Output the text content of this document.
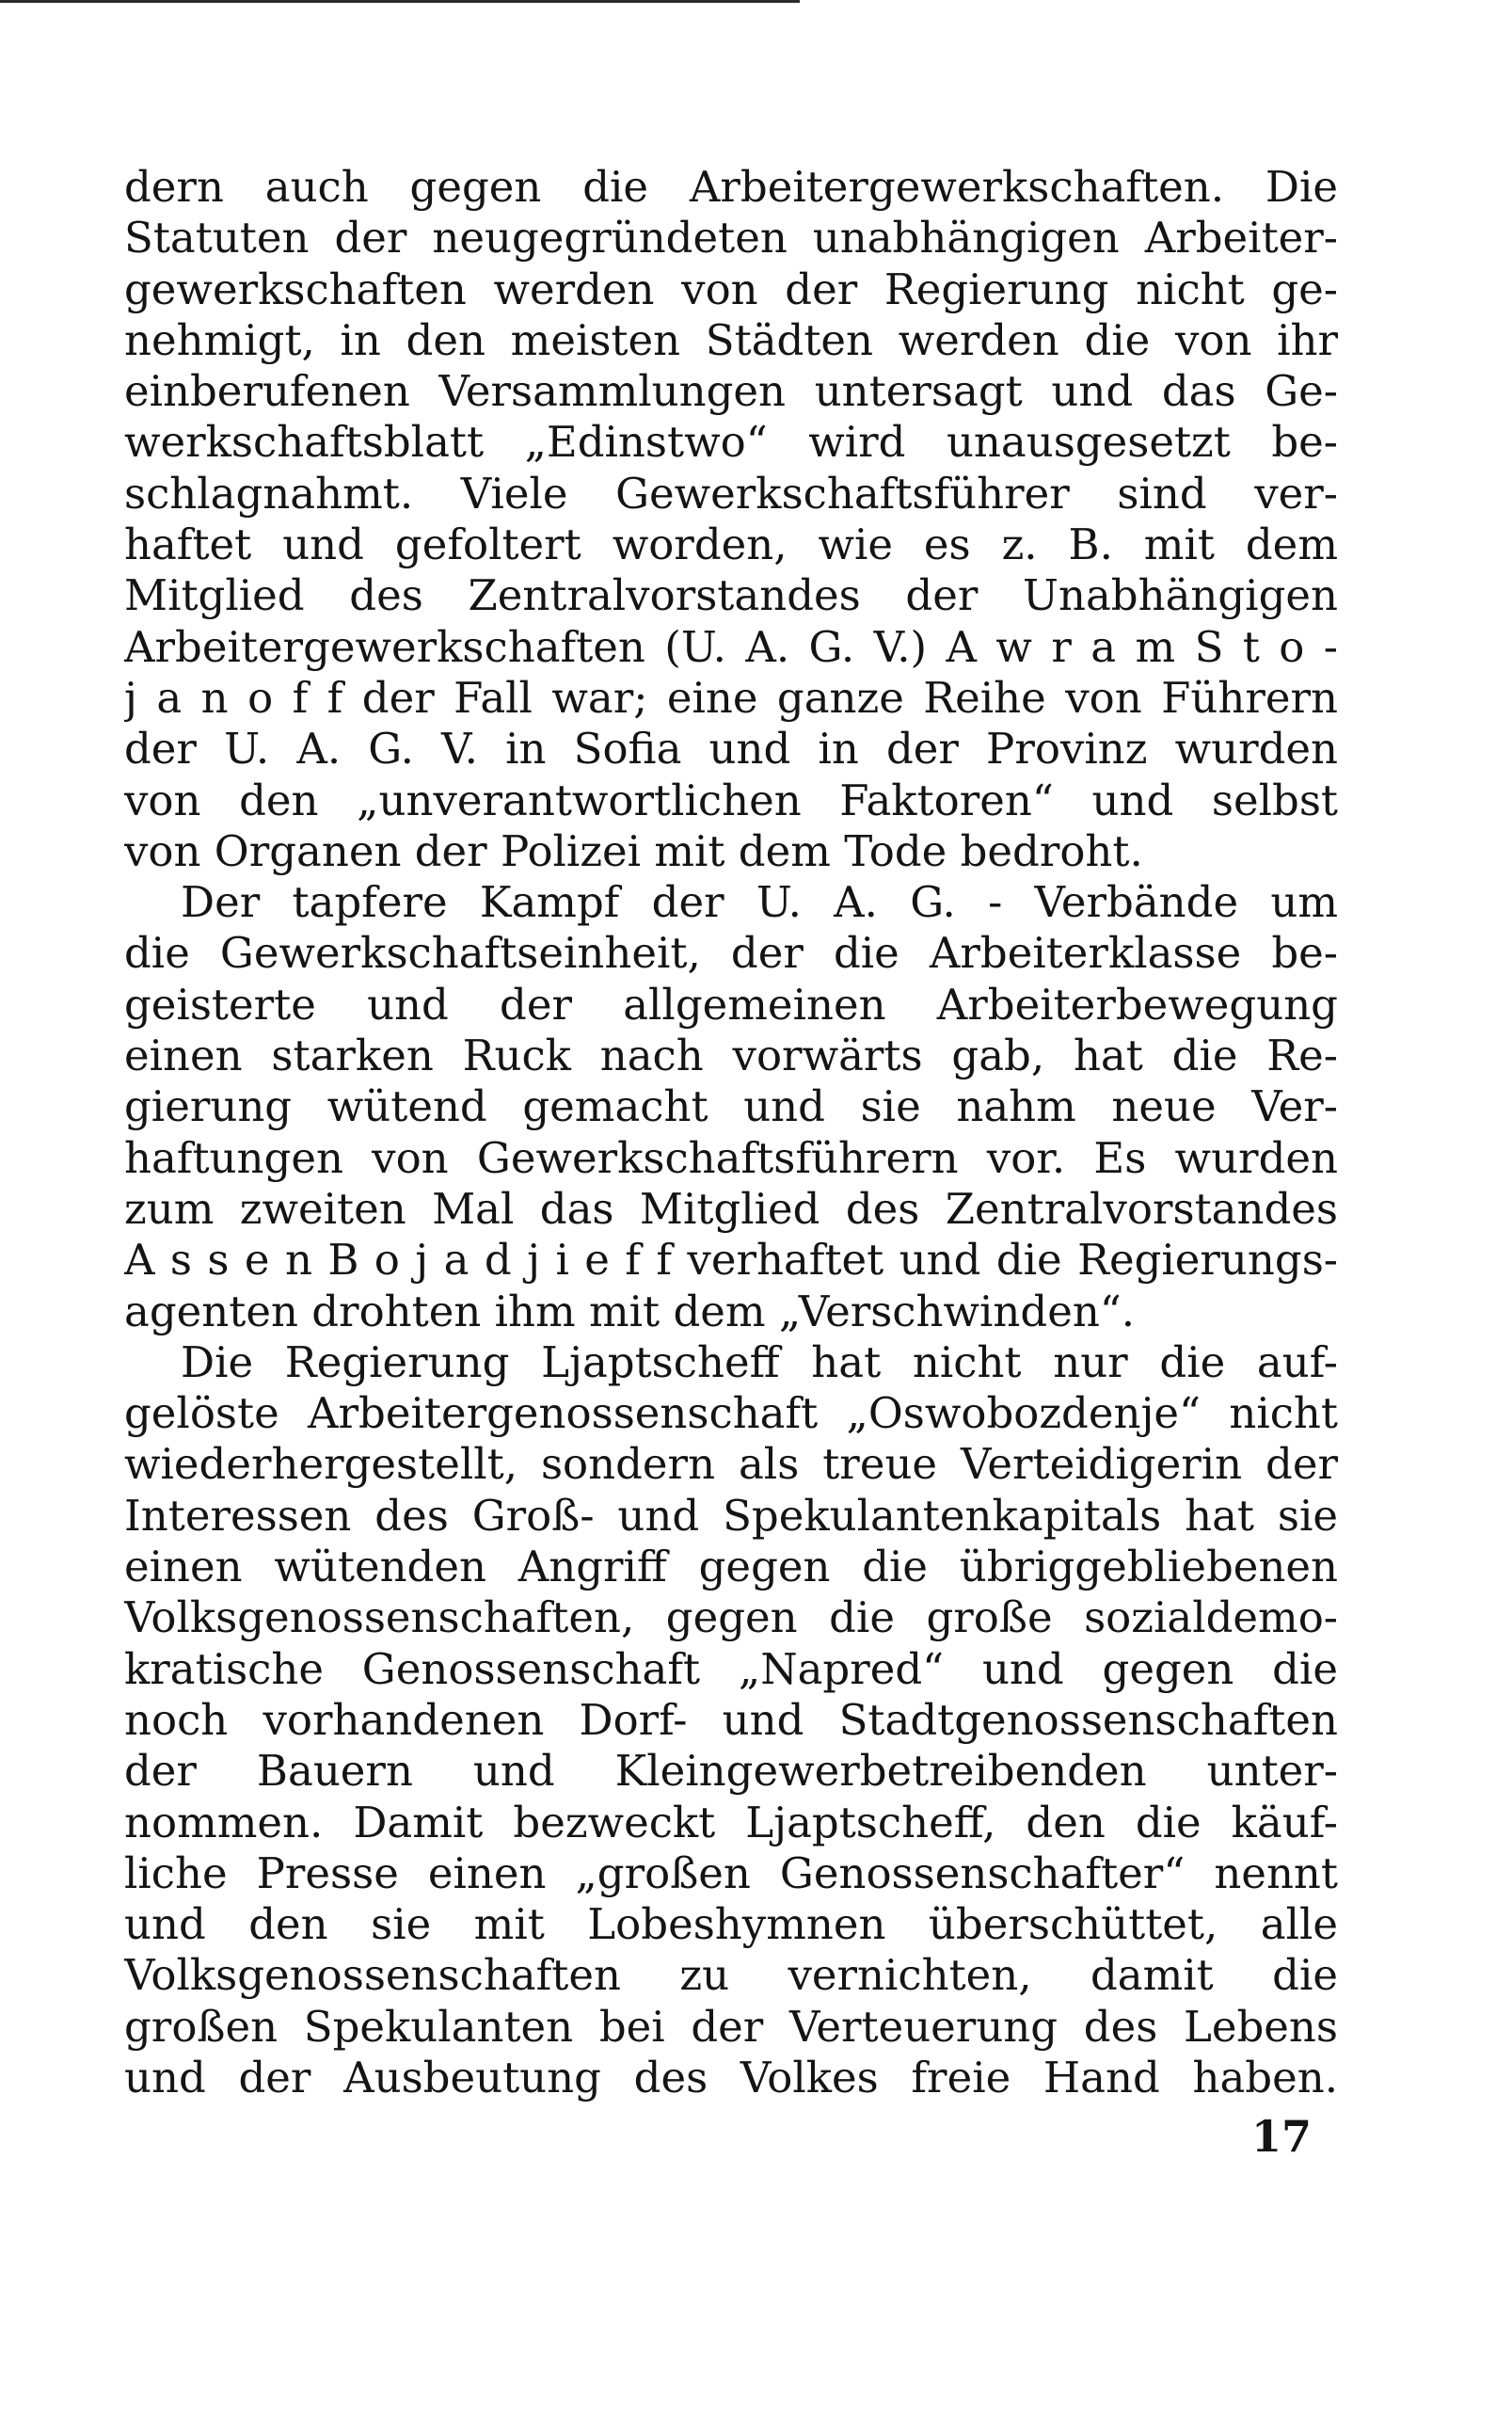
dern auch gegen die Arbeitergewerkschaften. Die
Statuten der neugegründeten unabhängigen Arbeiter-
gewerkschaften werden von der Regierung nicht ge-
nehmigt, in den meisten Städten werden die von ihr
einberufenen Versammlungen untersagt und das Ge-
werkschaftsblatt „Edinstwo“ wird unausgesetzt be-
schlagnahmt. Viele Gewerkschaftsführer sind ver-
haftet und gefoltert worden, wie es z. B. mit dem
Mitglied des Zentralvorstandes der Unabhängigen
Arbeitergewerkschaften (U. A. G. V.) A w r a m S t o -
j a n o f f der Fall war; eine ganze Reihe von Führern
der U. A. G. V. in Sofia und in der Provinz wurden
von den „unverantwortlichen Faktoren“ und selbst
von Organen der Polizei mit dem Tode bedroht.
Der tapfere Kampf der U. A. G. - Verbände um
die Gewerkschaftseinheit, der die Arbeiterklasse be-
geisterte und der allgemeinen Arbeiterbewegung
einen starken Ruck nach vorwärts gab, hat die Re-
gierung wütend gemacht und sie nahm neue Ver-
haftungen von Gewerkschaftsführern vor. Es wurden
zum zweiten Mal das Mitglied des Zentralvorstandes
A s s e n B o j a d j i e f f verhaftet und die Regierungs-
agenten drohten ihm mit dem „Verschwinden“.
Die Regierung Ljaptscheff hat nicht nur die auf-
gelöste Arbeitergenossenschaft „Oswobozdenje“ nicht
wiederhergestellt, sondern als treue Verteidigerin der
Interessen des Groß- und Spekulantenkapitals hat sie
einen wütenden Angriff gegen die übriggebliebenen
Volksgenossenschaften, gegen die große sozialdemo-
kratische Genossenschaft „Napred“ und gegen die
noch vorhandenen Dorf- und Stadtgenossenschaften
der Bauern und Kleingewerbetreibenden unter-
nommen. Damit bezweckt Ljaptscheff, den die käuf-
liche Presse einen „großen Genossenschafter“ nennt
und den sie mit Lobeshymnen überschüttet, alle
Volksgenossenschaften zu vernichten, damit die
großen Spekulanten bei der Verteuerung des Lebens
und der Ausbeutung des Volkes freie Hand haben.
17
